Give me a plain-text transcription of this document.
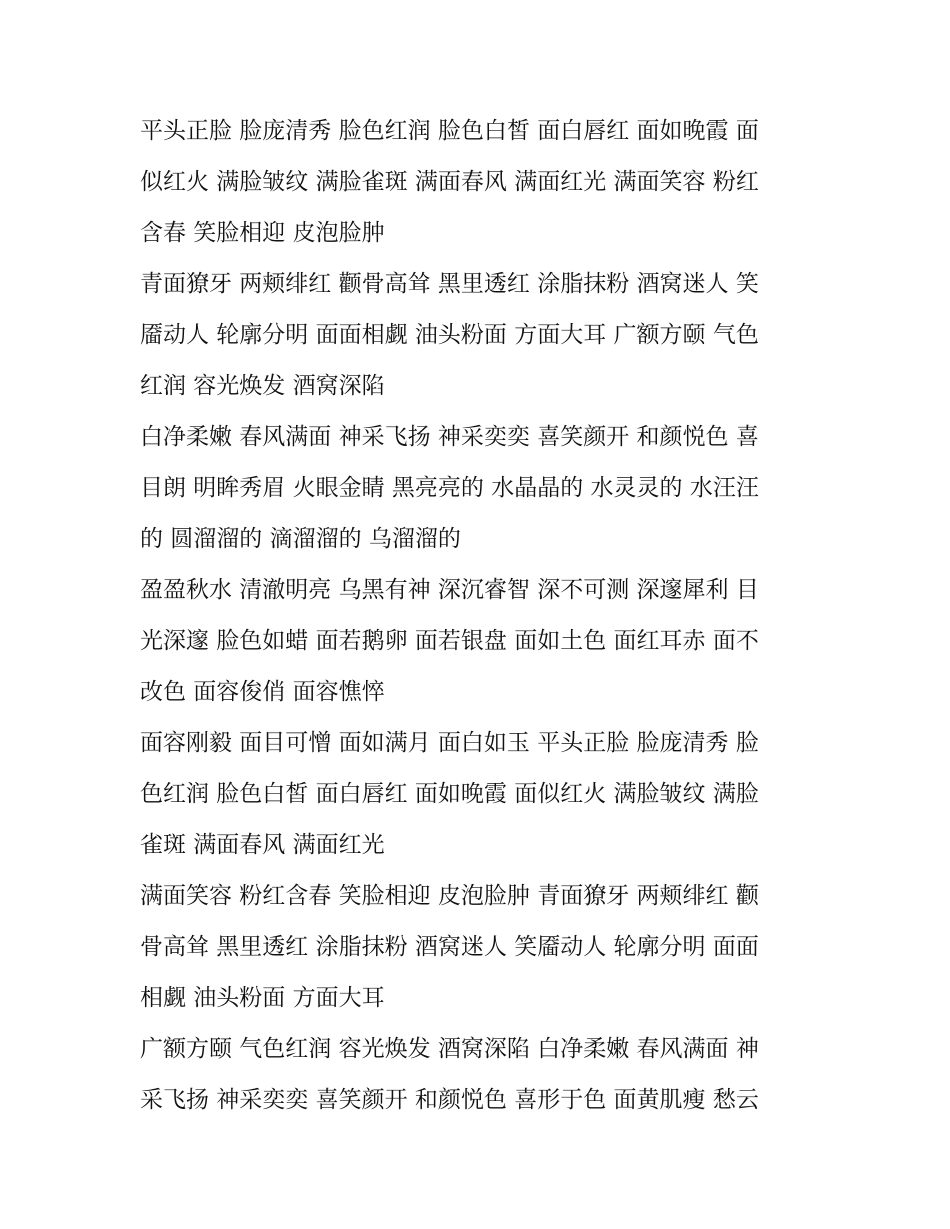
平头正脸 脸庞清秀 脸色红润 脸色白皙 面白唇红 面如晚霞 面
似红火 满脸皱纹 满脸雀斑 满面春风 满面红光 满面笑容 粉红
含春 笑脸相迎 皮泡脸肿
青面獠牙 两颊绯红 颧骨高耸 黑里透红 涂脂抹粉 酒窝迷人 笑
靥动人 轮廓分明 面面相觑 油头粉面 方面大耳 广额方颐 气色
红润 容光焕发 酒窝深陷
白净柔嫩 春风满面 神采飞扬 神采奕奕 喜笑颜开 和颜悦色 喜
目朗 明眸秀眉 火眼金睛 黑亮亮的 水晶晶的 水灵灵的 水汪汪
的 圆溜溜的 滴溜溜的 乌溜溜的
盈盈秋水 清澈明亮 乌黑有神 深沉睿智 深不可测 深邃犀利 目
光深邃 脸色如蜡 面若鹅卵 面若银盘 面如土色 面红耳赤 面不
改色 面容俊俏 面容憔悴
面容刚毅 面目可憎 面如满月 面白如玉 平头正脸 脸庞清秀 脸
色红润 脸色白皙 面白唇红 面如晚霞 面似红火 满脸皱纹 满脸
雀斑 满面春风 满面红光
满面笑容 粉红含春 笑脸相迎 皮泡脸肿 青面獠牙 两颊绯红 颧
骨高耸 黑里透红 涂脂抹粉 酒窝迷人 笑靥动人 轮廓分明 面面
相觑 油头粉面 方面大耳
广额方颐 气色红润 容光焕发 酒窝深陷 白净柔嫩 春风满面 神
采飞扬 神采奕奕 喜笑颜开 和颜悦色 喜形于色 面黄肌瘦 愁云
